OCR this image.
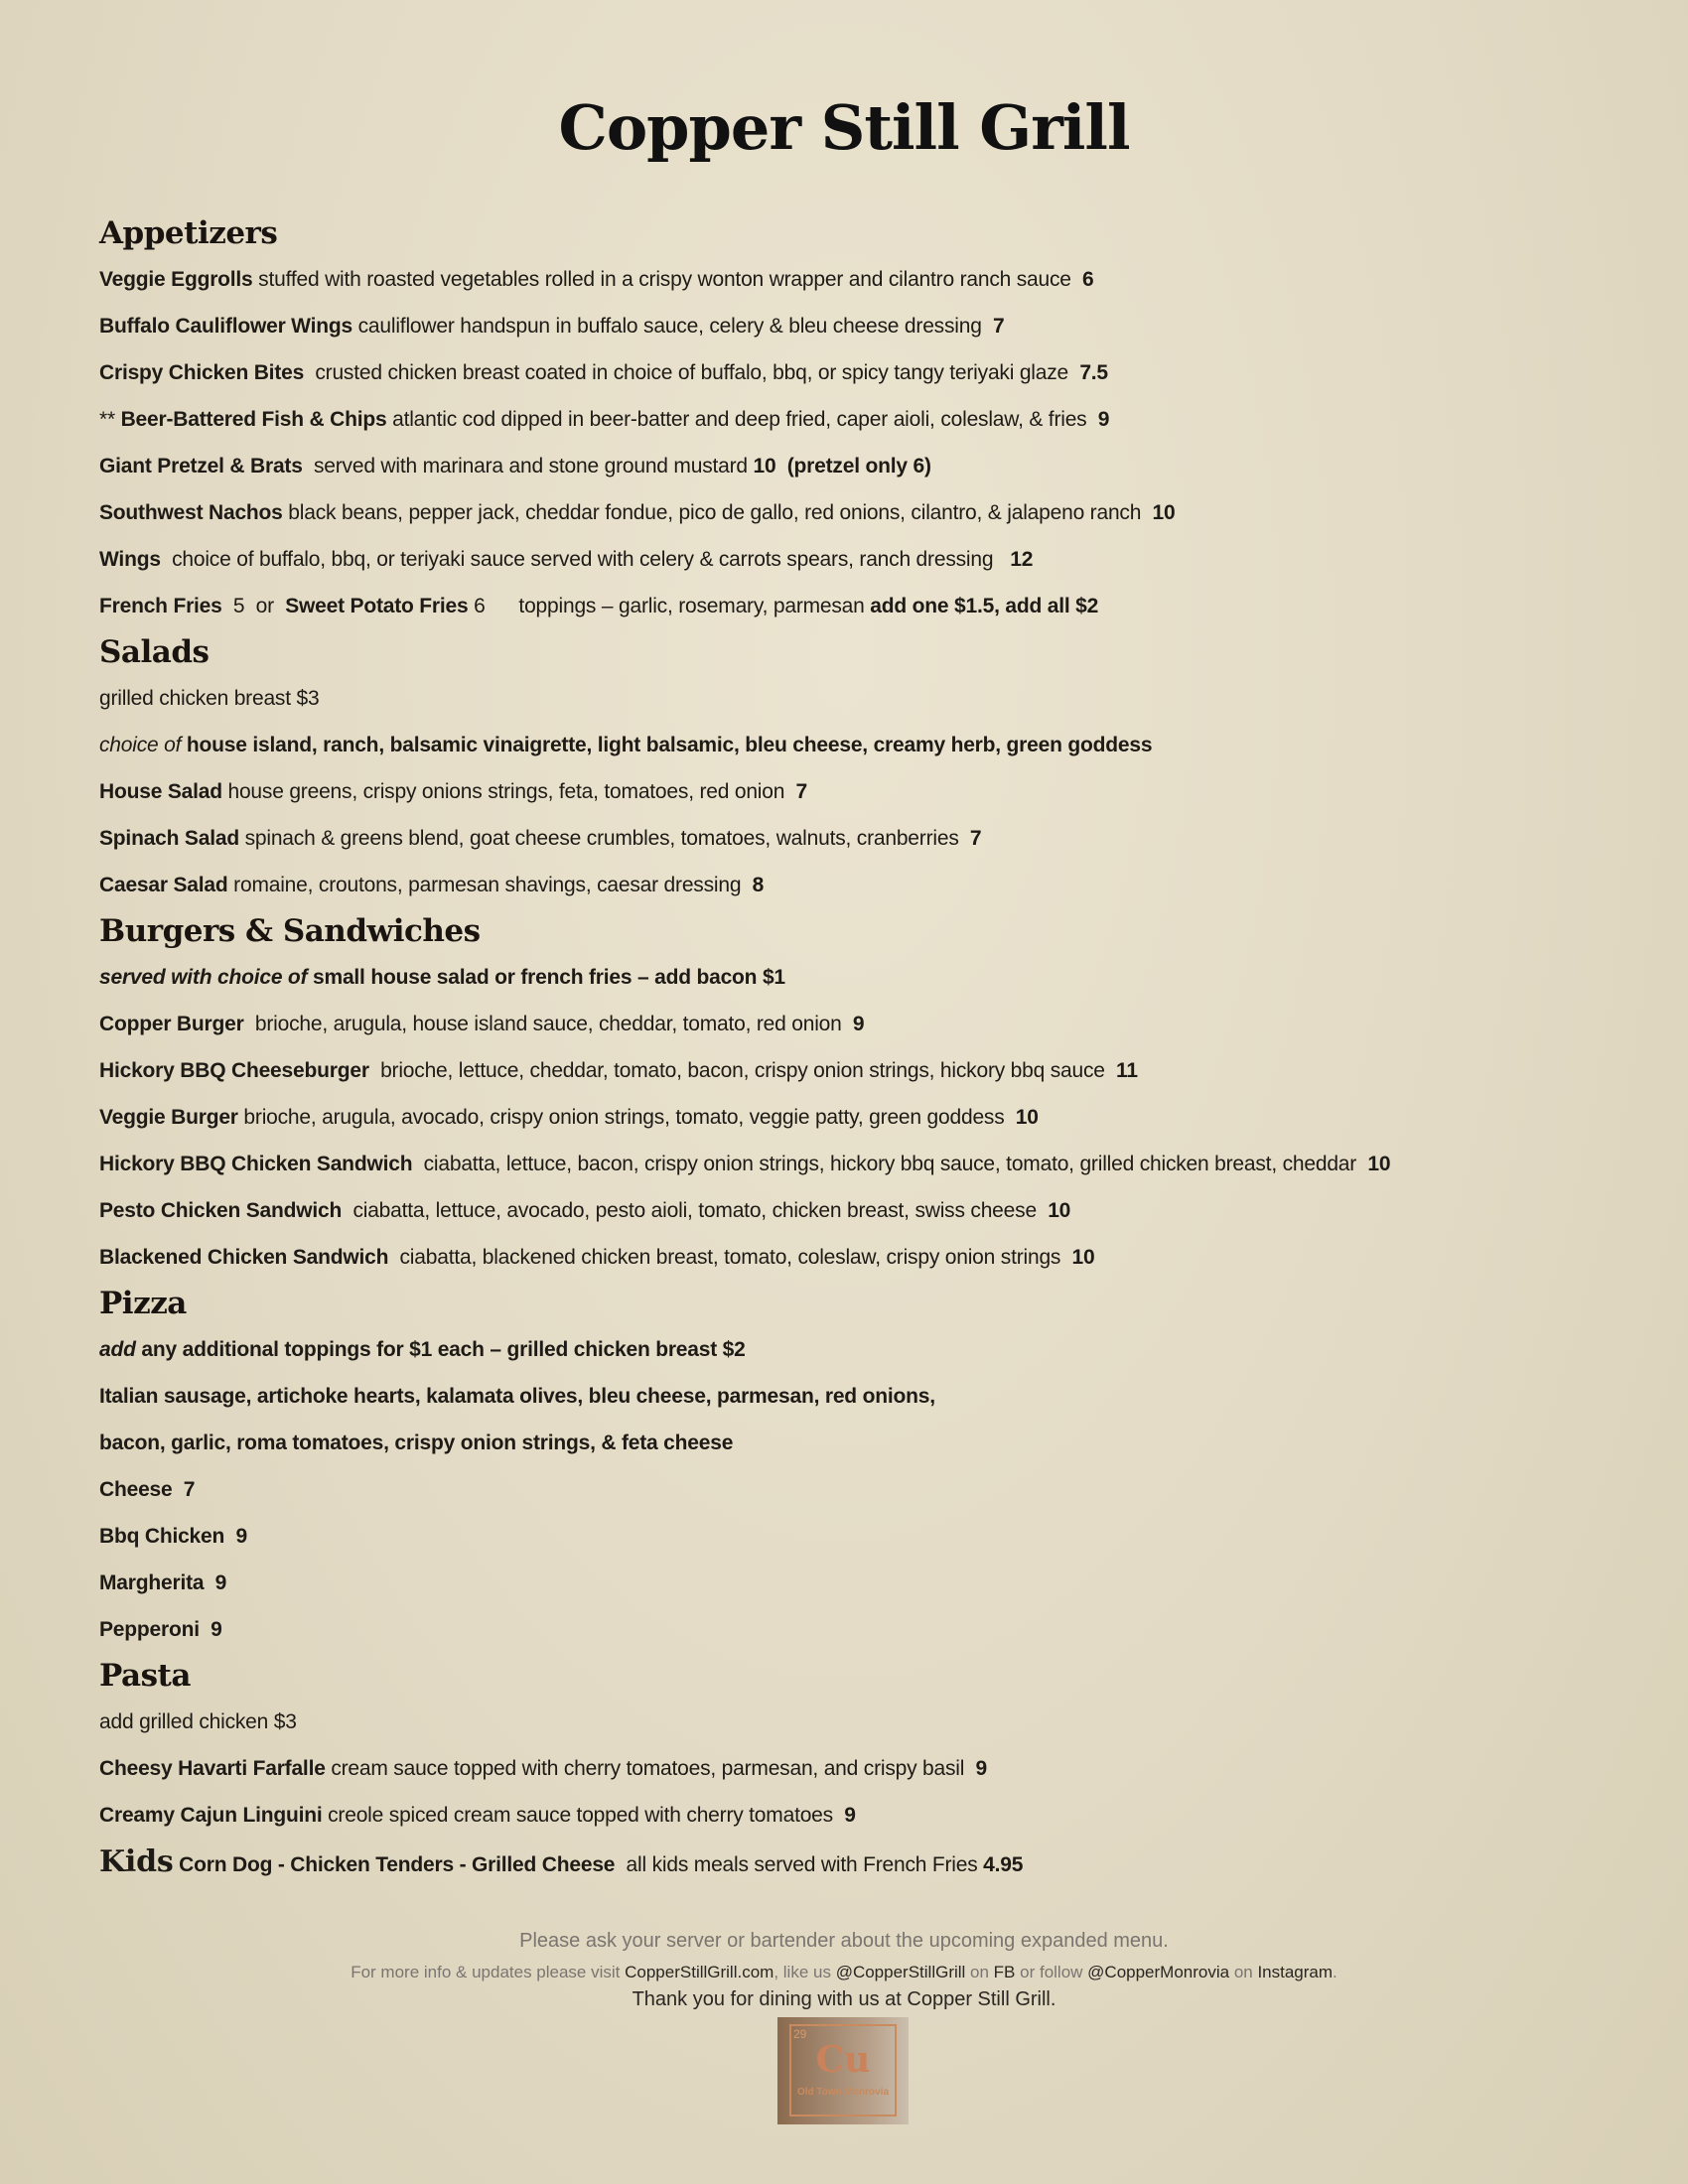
Copper Still Grill
Appetizers
Veggie Eggrolls stuffed with roasted vegetables rolled in a crispy wonton wrapper and cilantro ranch sauce  6
Buffalo Cauliflower Wings cauliflower handspun in buffalo sauce, celery & bleu cheese dressing  7
Crispy Chicken Bites  crusted chicken breast coated in choice of buffalo, bbq, or spicy tangy teriyaki glaze  7.5
** Beer-Battered Fish & Chips atlantic cod dipped in beer-batter and deep fried, caper aioli, coleslaw, & fries  9
Giant Pretzel & Brats  served with marinara and stone ground mustard 10  (pretzel only 6)
Southwest Nachos black beans, pepper jack, cheddar fondue, pico de gallo, red onions, cilantro, & jalapeno ranch  10
Wings  choice of buffalo, bbq, or teriyaki sauce served with celery & carrots spears, ranch dressing   12
French Fries  5  or  Sweet Potato Fries 6      toppings – garlic, rosemary, parmesan add one $1.5, add all $2
Salads
grilled chicken breast $3
choice of house island, ranch, balsamic vinaigrette, light balsamic, bleu cheese, creamy herb, green goddess
House Salad house greens, crispy onions strings, feta, tomatoes, red onion  7
Spinach Salad spinach & greens blend, goat cheese crumbles, tomatoes, walnuts, cranberries  7
Caesar Salad romaine, croutons, parmesan shavings, caesar dressing  8
Burgers & Sandwiches
served with choice of small house salad or french fries – add bacon $1
Copper Burger  brioche, arugula, house island sauce, cheddar, tomato, red onion  9
Hickory BBQ Cheeseburger  brioche, lettuce, cheddar, tomato, bacon, crispy onion strings, hickory bbq sauce  11
Veggie Burger brioche, arugula, avocado, crispy onion strings, tomato, veggie patty, green goddess  10
Hickory BBQ Chicken Sandwich  ciabatta, lettuce, bacon, crispy onion strings, hickory bbq sauce, tomato, grilled chicken breast, cheddar  10
Pesto Chicken Sandwich  ciabatta, lettuce, avocado, pesto aioli, tomato, chicken breast, swiss cheese  10
Blackened Chicken Sandwich  ciabatta, blackened chicken breast, tomato, coleslaw, crispy onion strings  10
Pizza
add any additional toppings for $1 each – grilled chicken breast $2
Italian sausage, artichoke hearts, kalamata olives, bleu cheese, parmesan, red onions,
bacon, garlic, roma tomatoes, crispy onion strings, & feta cheese
Cheese 7
Bbq Chicken 9
Margherita 9
Pepperoni 9
Pasta
add grilled chicken $3
Cheesy Havarti Farfalle cream sauce topped with cherry tomatoes, parmesan, and crispy basil  9
Creamy Cajun Linguini creole spiced cream sauce topped with cherry tomatoes  9
Kids Corn Dog - Chicken Tenders - Grilled Cheese  all kids meals served with French Fries 4.95
Please ask your server or bartender about the upcoming expanded menu.
For more info & updates please visit CopperStillGrill.com, like us @CopperStillGrill on FB or follow @CopperMonrovia on Instagram.
Thank you for dining with us at Copper Still Grill.
29
Cu
Old Town Monrovia
